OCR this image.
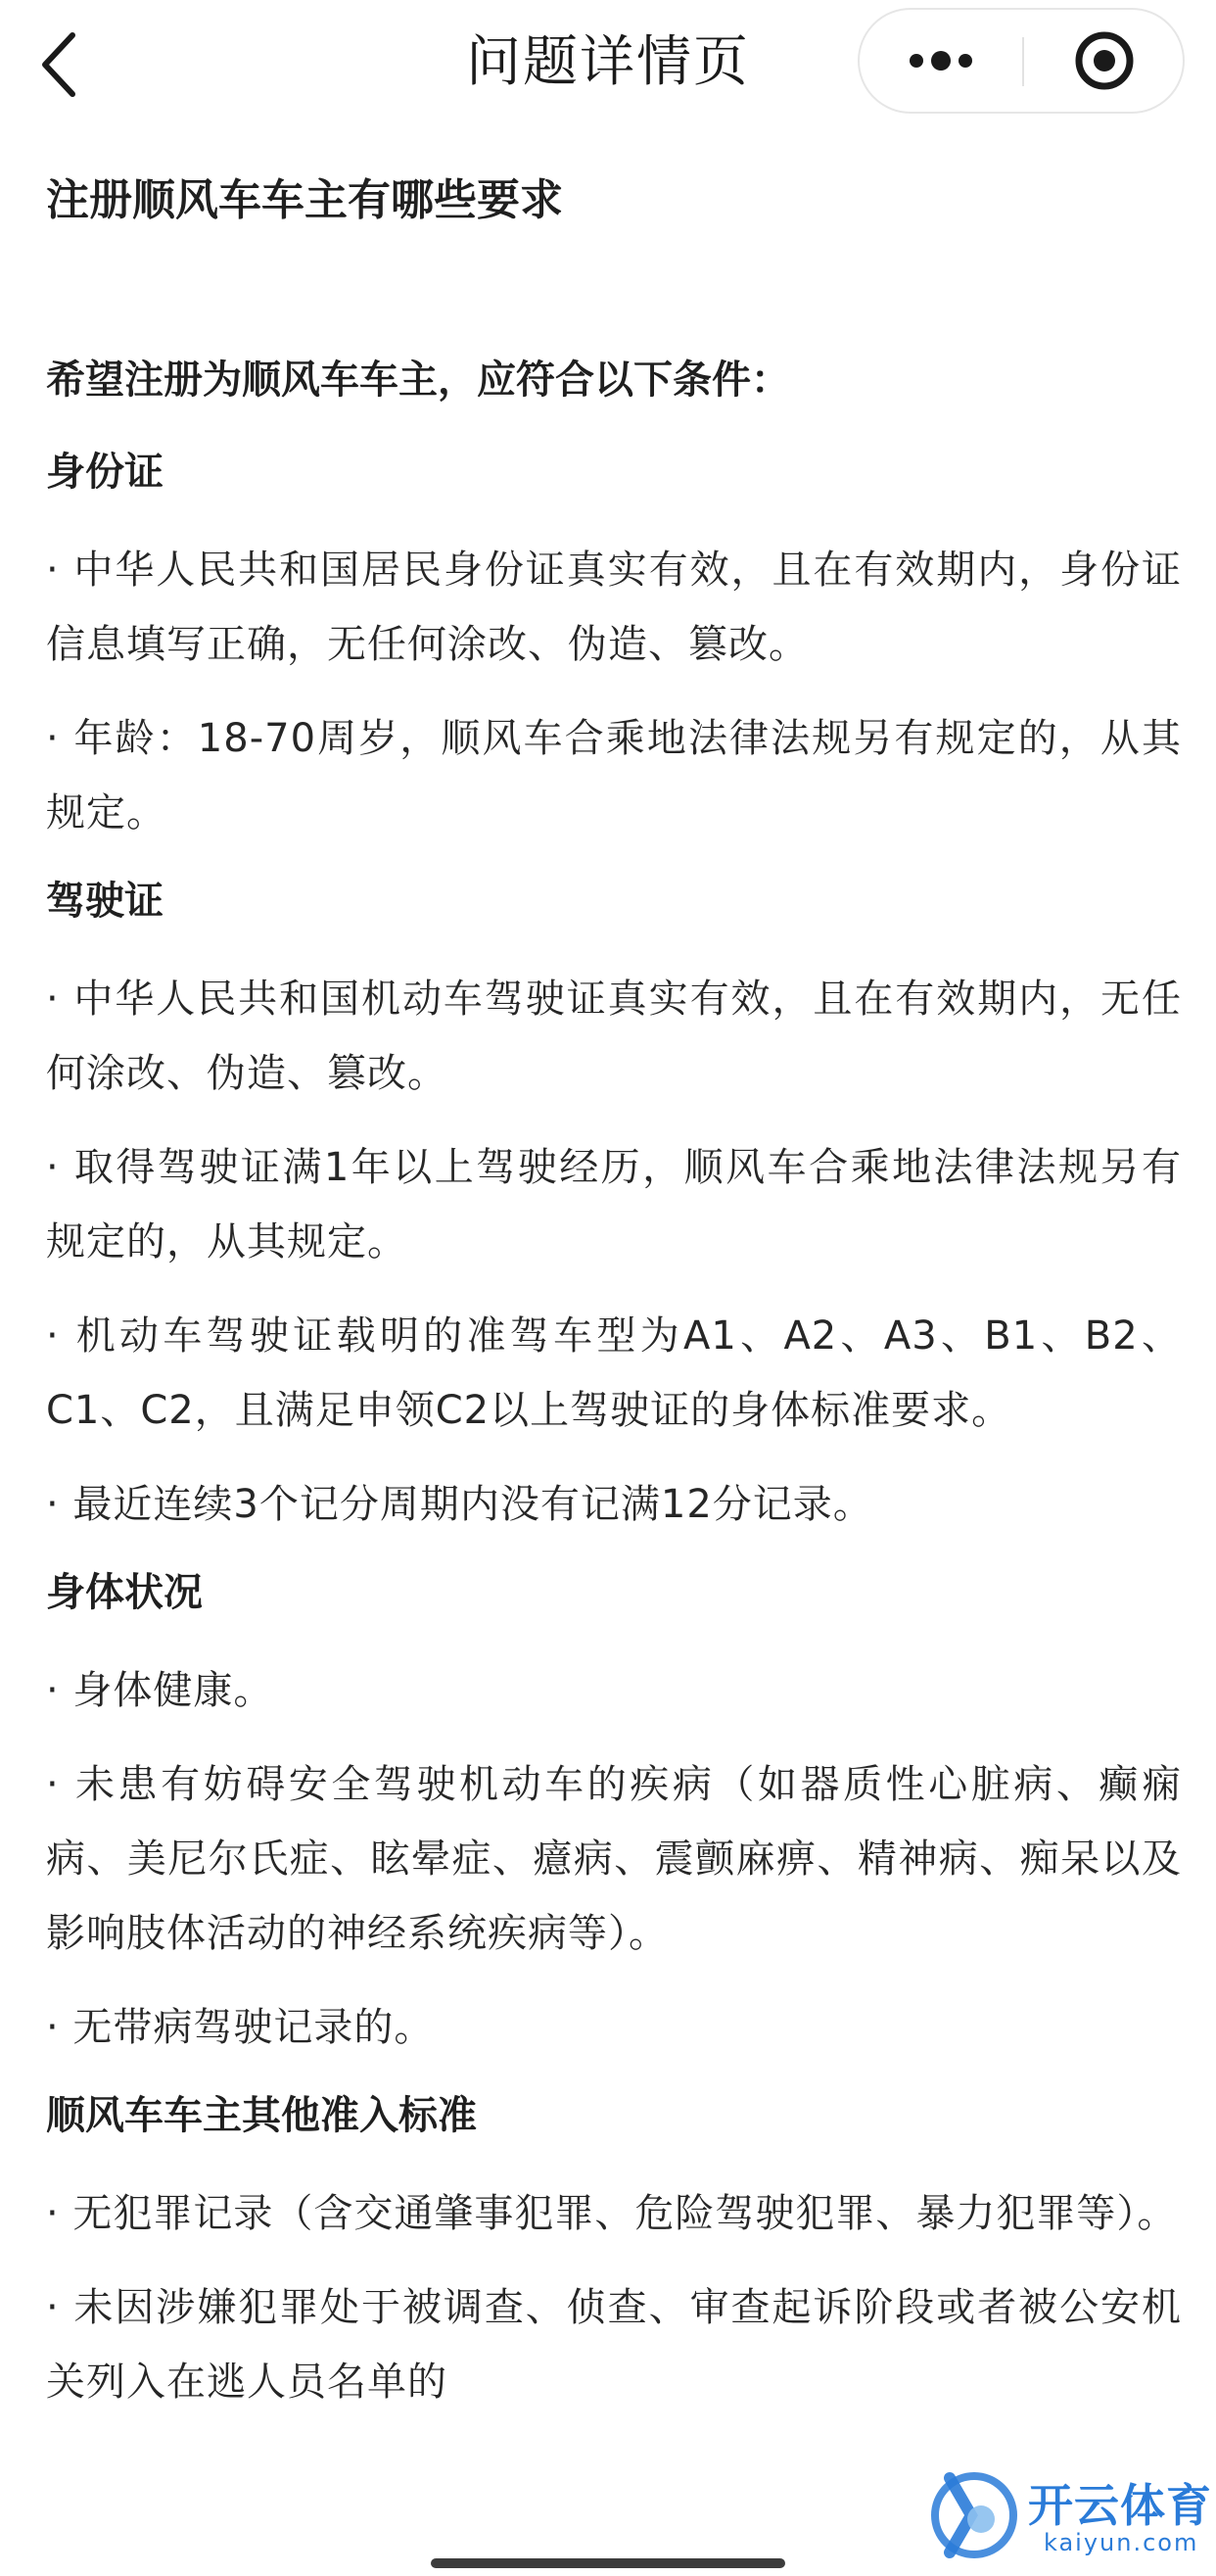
问题详情页
注册顺风车车主有哪些要求
希望注册为顺风车车主，应符合以下条件：
身份证
· 中华人民共和国居民身份证真实有效，且在有效期内，身份证信息填写正确，无任何涂改、伪造、篡改。
· 年龄：18-70周岁，顺风车合乘地法律法规另有规定的，从其规定。
驾驶证
· 中华人民共和国机动车驾驶证真实有效，且在有效期内，无任何涂改、伪造、篡改。
· 取得驾驶证满1年以上驾驶经历，顺风车合乘地法律法规另有规定的，从其规定。
· 机动车驾驶证载明的准驾车型为A1、A2、A3、B1、B2、C1、C2，且满足申领C2以上驾驶证的身体标准要求。
· 最近连续3个记分周期内没有记满12分记录。
身体状况
· 身体健康。
· 未患有妨碍安全驾驶机动车的疾病（如器质性心脏病、癫痫病、美尼尔氏症、眩晕症、癔病、震颤麻痹、精神病、痴呆以及影响肢体活动的神经系统疾病等）。
· 无带病驾驶记录的。
顺风车车主其他准入标准
· 无犯罪记录（含交通肇事犯罪、危险驾驶犯罪、暴力犯罪等）。
· 未因涉嫌犯罪处于被调查、侦查、审查起诉阶段或者被公安机关列入在逃人员名单的
开云体育
kaiyun.com
